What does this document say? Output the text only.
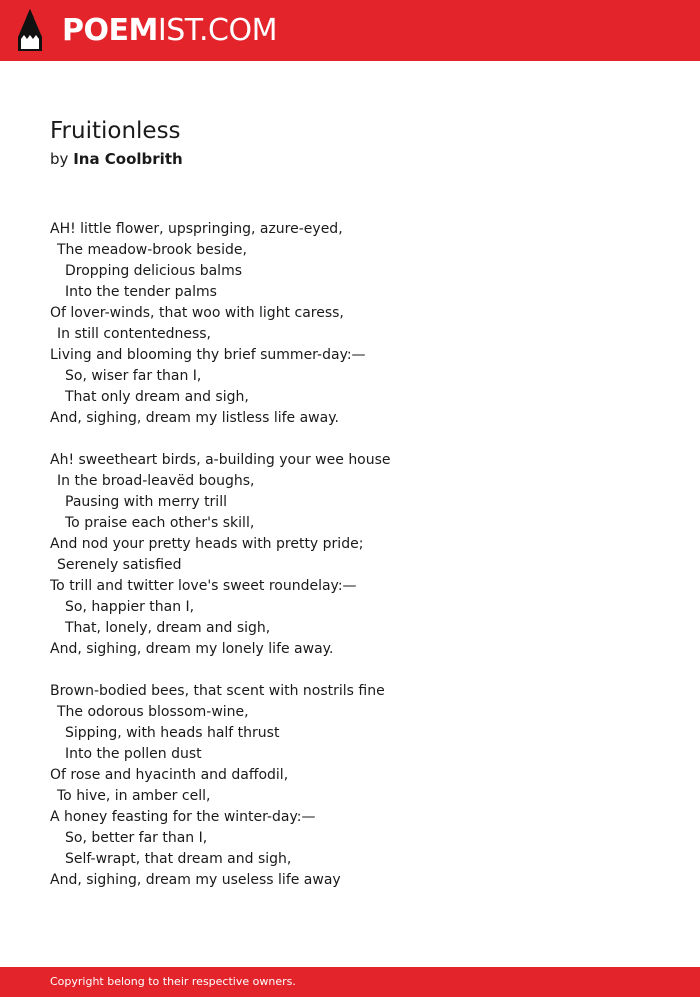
POEMIST.COM
Fruitionless
by Ina Coolbrith
AH! little flower, upspringing, azure-eyed,
The meadow-brook beside,
Dropping delicious balms
Into the tender palms
Of lover-winds, that woo with light caress,
In still contentedness,
Living and blooming thy brief summer-day:—
So, wiser far than I,
That only dream and sigh,
And, sighing, dream my listless life away.
Ah! sweetheart birds, a-building your wee house
In the broad-leavëd boughs,
Pausing with merry trill
To praise each other's skill,
And nod your pretty heads with pretty pride;
Serenely satisfied
To trill and twitter love's sweet roundelay:—
So, happier than I,
That, lonely, dream and sigh,
And, sighing, dream my lonely life away.
Brown-bodied bees, that scent with nostrils fine
The odorous blossom-wine,
Sipping, with heads half thrust
Into the pollen dust
Of rose and hyacinth and daffodil,
To hive, in amber cell,
A honey feasting for the winter-day:—
So, better far than I,
Self-wrapt, that dream and sigh,
And, sighing, dream my useless life away
Copyright belong to their respective owners.
